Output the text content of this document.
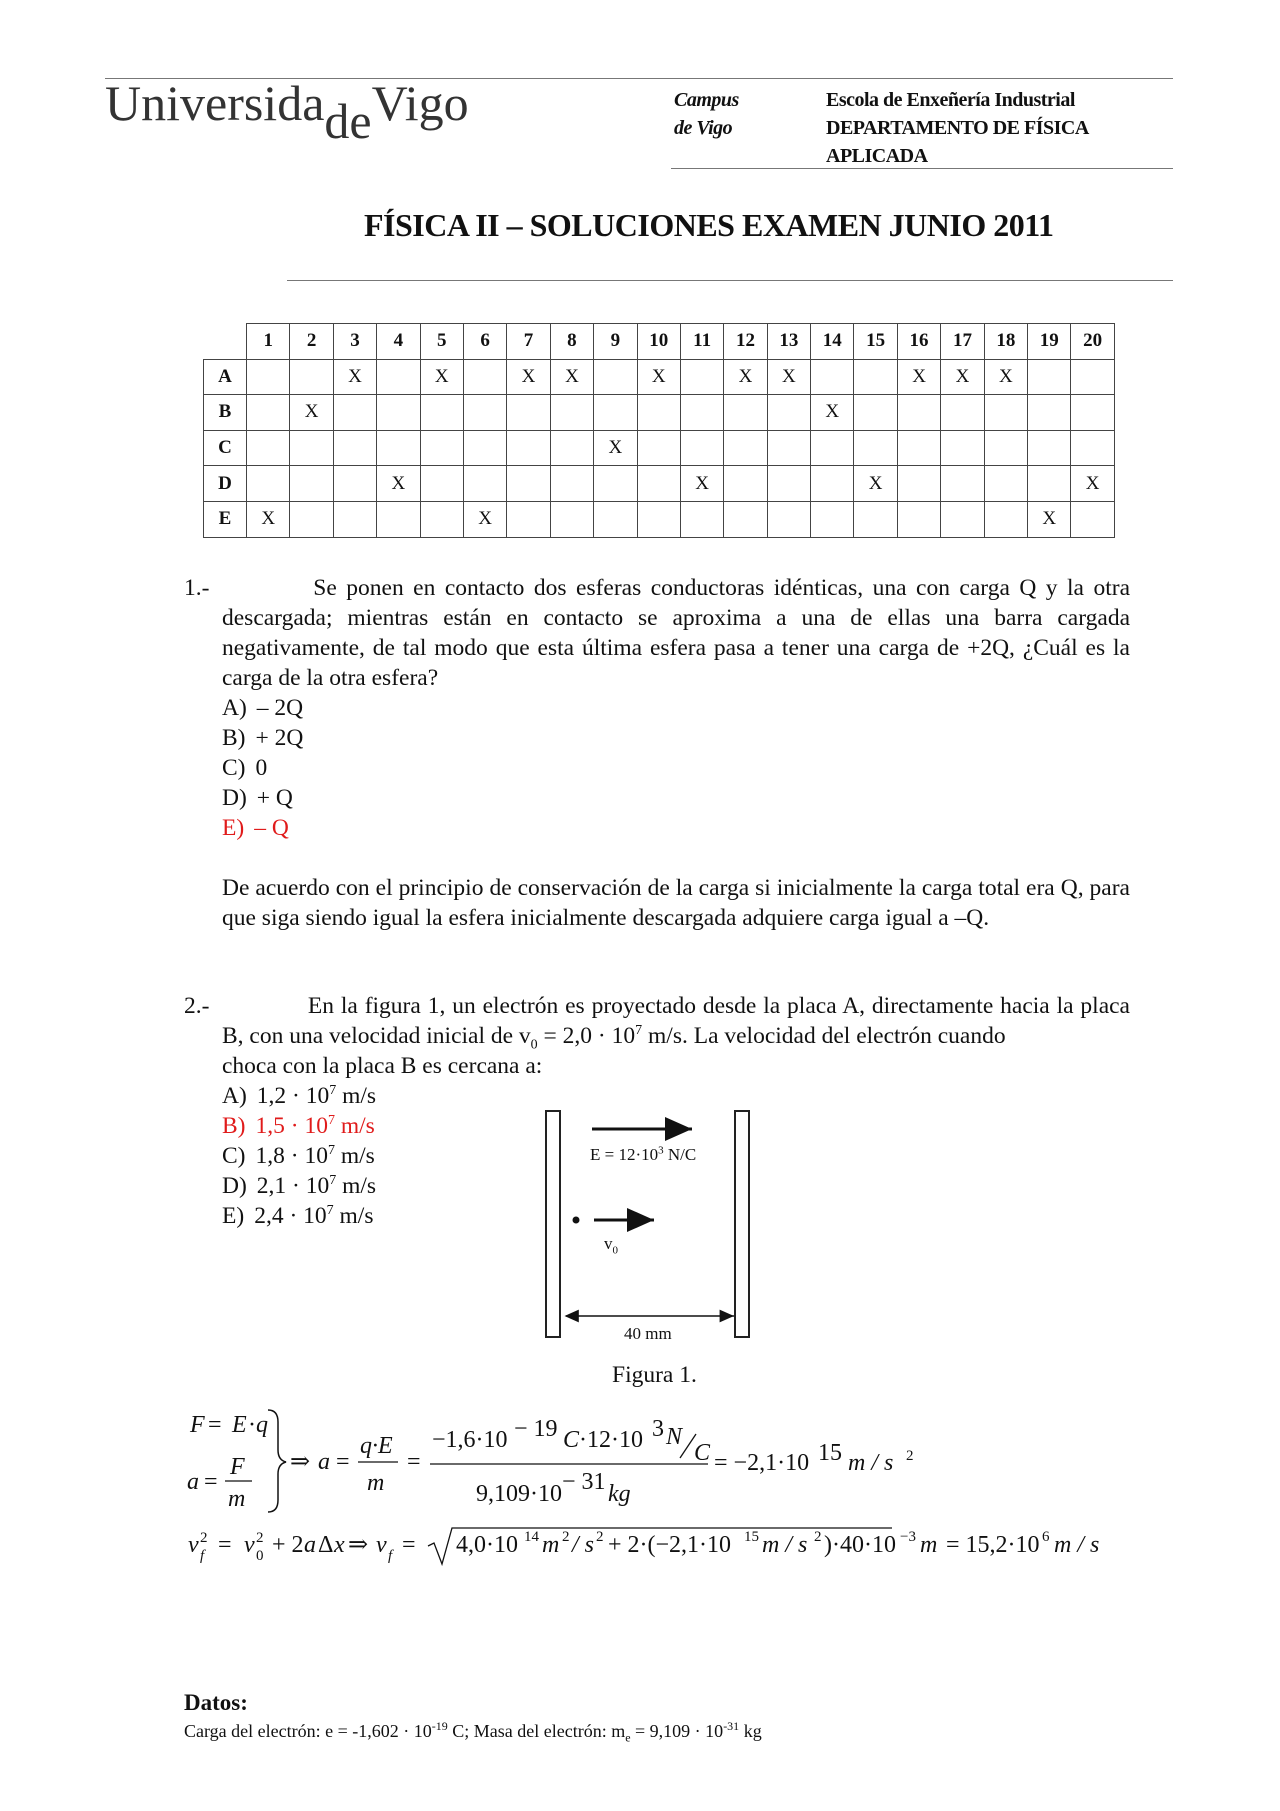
UniversidadeVigo	Campus
de Vigo
Escola de Enxeñería Industrial
DEPARTAMENTO DE FÍSICA
APLICADA
FÍSICA II – SOLUCIONES EXAMEN JUNIO 2011
	1	2	3	4	5	6	7	8	9	10	11	12	13	14	15	16	17	18	19	20
A			X		X		X	X		X		X	X			X	X	X		
B		X												X						
C									X											
D				X							X				X					X
E	X					X													X	
1.-	Se ponen en contacto dos esferas conductoras idénticas, una con carga Q y la otra
descargada; mientras están en contacto se aproxima a una de ellas una barra cargada negativamente, de tal modo que esta última esfera pasa a tener una carga de +2Q, ¿Cuál es la carga de la otra esfera?
A) – 2Q
B) + 2Q
C) 0
D) + Q
E) – Q
De acuerdo con el principio de conservación de la carga si inicialmente la carga total era Q, para que siga siendo igual la esfera inicialmente descargada adquiere carga igual a –Q.
2.-	En la figura 1, un electrón es proyectado desde la placa A, directamente hacia la placa
B, con una velocidad inicial de $v_0 = 2,0 \cdot 10^7$ m/s. La velocidad del electrón cuando
choca con la placa B es cercana a:
A) $1,2 \cdot 10^7$ m/s
B) $1,5 \cdot 10^7$ m/s
C) $1,8 \cdot 10^7$ m/s
D) $2,1 \cdot 10^7$ m/s
E) $2,4 \cdot 10^7$ m/s
$E = 12\cdot 10^3$ N/C
$v_0$
40 mm
Figura 1.
F = E · q
a =
F
m
⇒ a =
q·E
m
=
−1,6·10 − 19 C ·12·10 3 N
C
9,109·10 − 31 kg
= −2,1·10 15 m / s 2
v 2
f = v 2
0 + 2 a Δ x ⇒ v f = 4,0·10 14 m 2 / s 2 + 2·(−2,1·10 15 m / s 2 )·40·10 −3 m = 15,2·10 6 m / s
Datos:
Carga del electrón: $e = -1,602 \cdot 10^{-19}$ C; Masa del electrón: $m_e = 9,109 \cdot 10^{-31}$ kg
